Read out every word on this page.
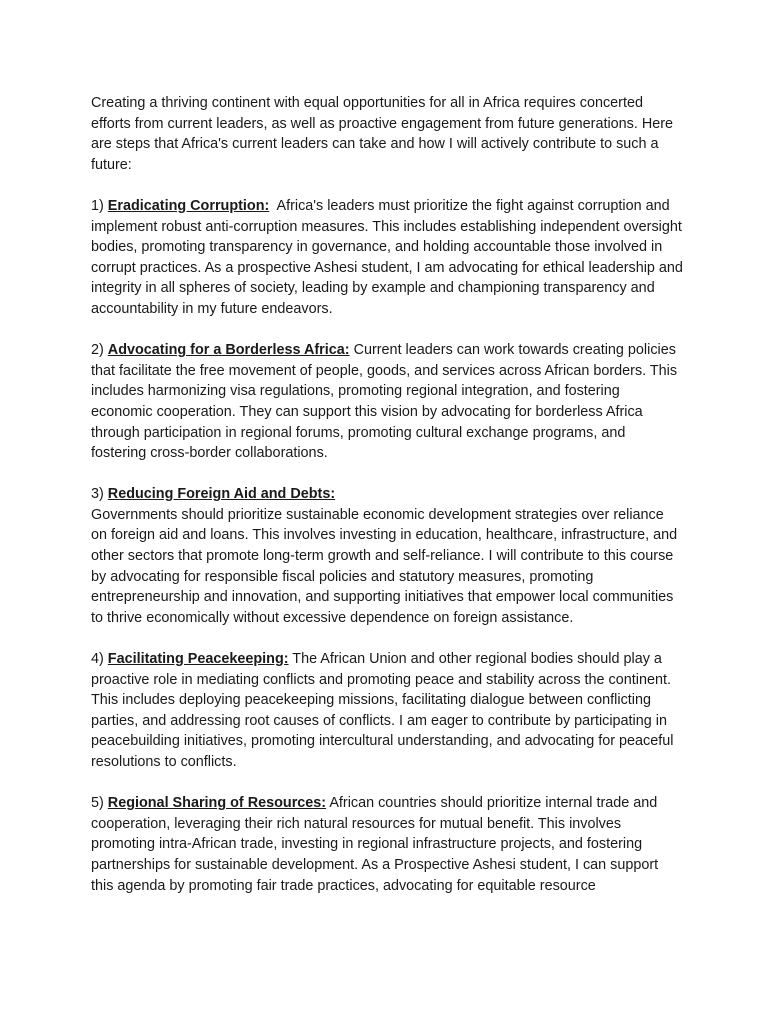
Creating a thriving continent with equal opportunities for all in Africa requires concerted efforts from current leaders, as well as proactive engagement from future generations. Here are steps that Africa's current leaders can take and how I will actively contribute to such a future:

1) Eradicating Corruption: Africa's leaders must prioritize the fight against corruption and implement robust anti-corruption measures. This includes establishing independent oversight bodies, promoting transparency in governance, and holding accountable those involved in corrupt practices. As a prospective Ashesi student, I am advocating for ethical leadership and integrity in all spheres of society, leading by example and championing transparency and accountability in my future endeavors.

2) Advocating for a Borderless Africa: Current leaders can work towards creating policies that facilitate the free movement of people, goods, and services across African borders. This includes harmonizing visa regulations, promoting regional integration, and fostering economic cooperation. They can support this vision by advocating for borderless Africa through participation in regional forums, promoting cultural exchange programs, and fostering cross-border collaborations.

3) Reducing Foreign Aid and Debts:
Governments should prioritize sustainable economic development strategies over reliance on foreign aid and loans. This involves investing in education, healthcare, infrastructure, and other sectors that promote long-term growth and self-reliance. I will contribute to this course by advocating for responsible fiscal policies and statutory measures, promoting entrepreneurship and innovation, and supporting initiatives that empower local communities to thrive economically without excessive dependence on foreign assistance.

4) Facilitating Peacekeeping: The African Union and other regional bodies should play a proactive role in mediating conflicts and promoting peace and stability across the continent. This includes deploying peacekeeping missions, facilitating dialogue between conflicting parties, and addressing root causes of conflicts. I am eager to contribute by participating in peacebuilding initiatives, promoting intercultural understanding, and advocating for peaceful resolutions to conflicts.

5) Regional Sharing of Resources: African countries should prioritize internal trade and cooperation, leveraging their rich natural resources for mutual benefit. This involves promoting intra-African trade, investing in regional infrastructure projects, and fostering partnerships for sustainable development. As a Prospective Ashesi student, I can support this agenda by promoting fair trade practices, advocating for equitable resource
